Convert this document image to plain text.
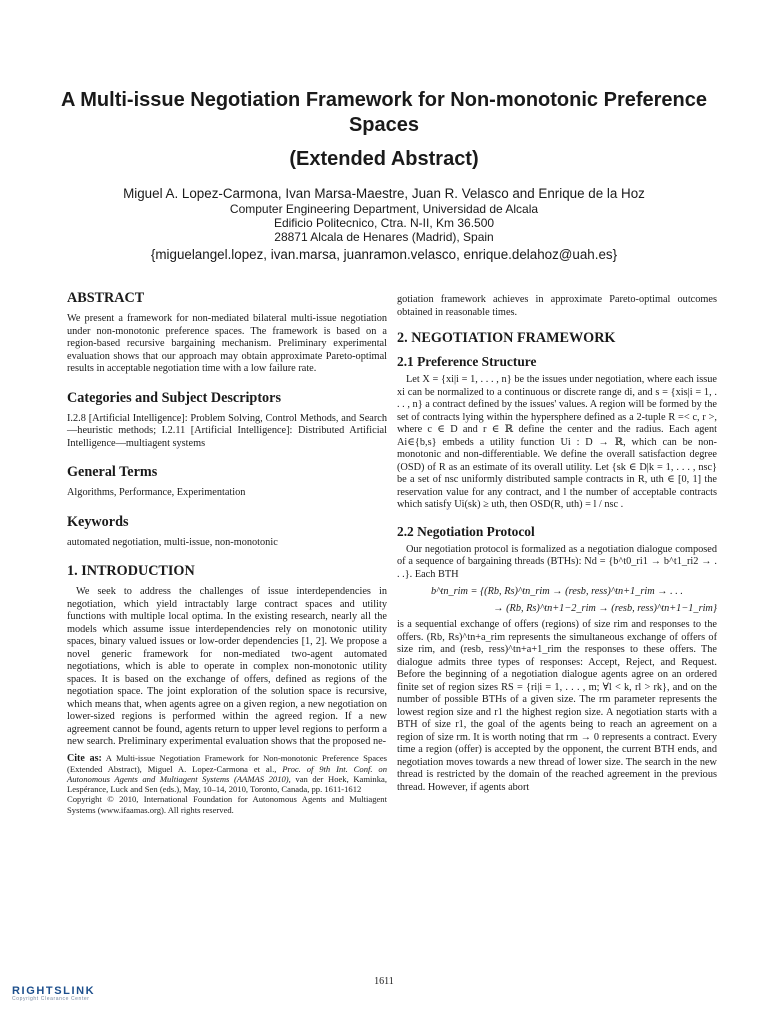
A Multi-issue Negotiation Framework for Non-monotonic Preference Spaces
(Extended Abstract)

Miguel A. Lopez-Carmona, Ivan Marsa-Maestre, Juan R. Velasco and Enrique de la Hoz

Computer Engineering Department, Universidad de Alcala

Edificio Politecnico, Ctra. N-II, Km 36.500

28871 Alcala de Henares (Madrid), Spain

{miguelangel.lopez, ivan.marsa, juanramon.velasco, enrique.delahoz@uah.es}

ABSTRACT

We present a framework for non-mediated bilateral multi-issue negotiation under non-monotonic preference spaces. The framework is based on a region-based recursive bargaining mechanism. Preliminary experimental evaluation shows that our approach may obtain approximate Pareto-optimal results in acceptable negotiation time with a low failure rate.

Categories and Subject Descriptors

I.2.8 [Artificial Intelligence]: Problem Solving, Control Methods, and Search—heuristic methods; I.2.11 [Artificial Intelligence]: Distributed Artificial Intelligence—multiagent systems

General Terms

Algorithms, Performance, Experimentation

Keywords

automated negotiation, multi-issue, non-monotonic

1. INTRODUCTION

We seek to address the challenges of issue interdependencies in negotiation, which yield intractably large contract spaces and utility functions with multiple local optima. In the existing research, nearly all the models which assume issue interdependencies rely on monotonic utility spaces, binary valued issues or low-order dependencies [1, 2]. We propose a novel generic framework for non-mediated two-agent automated negotiations, which is able to operate in complex non-monotonic utility spaces. It is based on the exchange of offers, defined as regions of the negotiation space. The joint exploration of the solution space is recursive, which means that, when agents agree on a given region, a new negotiation on lower-sized regions is performed within the agreed region. If a new agreement cannot be found, agents return to upper level regions to perform a new search. Preliminary experimental evaluation shows that the proposed ne-

Cite as: A Multi-issue Negotiation Framework for Non-monotonic Preference Spaces (Extended Abstract), Miguel A. Lopez-Carmona et al., Proc. of 9th Int. Conf. on Autonomous Agents and Multiagent Systems (AAMAS 2010), van der Hoek, Kaminka, Lespérance, Luck and Sen (eds.), May, 10–14, 2010, Toronto, Canada, pp. 1611-1612
Copyright © 2010, International Foundation for Autonomous Agents and Multiagent Systems (www.ifaamas.org). All rights reserved.

gotiation framework achieves in approximate Pareto-optimal outcomes obtained in reasonable times.

2. NEGOTIATION FRAMEWORK
2.1 Preference Structure

Let X = {xi|i = 1, . . . , n} be the issues under negotiation, where each issue xi can be normalized to a continuous or discrete range di, and s = {xis|i = 1, . . . , n} a contract defined by the issues' values. A region will be formed by the set of contracts lying within the hypersphere defined as a 2-tuple R =< c, r >, where c ∈ D and r ∈ ℝ define the center and the radius. Each agent Ai∈{b,s} embeds a utility function Ui : D → ℝ, which can be non-monotonic and non-differentiable. We define the overall satisfaction degree (OSD) of R as an estimate of its overall utility. Let {sk ∈ D|k = 1, . . . , nsc} be a set of nsc uniformly distributed sample contracts in R, uth ∈ [0, 1] the reservation value for any contract, and l the number of acceptable contracts which satisfy Ui(sk) ≥ uth, then OSD(R, uth) = l / nsc .

2.2 Negotiation Protocol

Our negotiation protocol is formalized as a negotiation dialogue composed of a sequence of bargaining threads (BTHs): Nd = {b^t0_ri1 → b^t1_ri2 → . . .}. Each BTH

b^tn_rim = {(Rb, Rs)^tn_rim → (resb, ress)^tn+1_rim → . . .
→ (Rb, Rs)^tn+1−2_rim → (resb, ress)^tn+1−1_rim}

is a sequential exchange of offers (regions) of size rim and responses to the offers. (Rb, Rs)^tn+a_rim represents the simultaneous exchange of offers of size rim, and (resb, ress)^tn+a+1_rim the responses to these offers. The dialogue admits three types of responses: Accept, Reject, and Request. Before the beginning of a negotiation dialogue agents agree on an ordered finite set of region sizes RS = {ri|i = 1, . . . , m; ∀l < k, rl > rk}, and on the number of possible BTHs of a given size. The rm parameter represents the lowest region size and r1 the highest region size. A negotiation starts with a BTH of size r1, the goal of the agents being to reach an agreement on a region of size rm. It is worth noting that rm → 0 represents a contract. Every time a region (offer) is accepted by the opponent, the current BTH ends, and negotiation moves towards a new thread of lower size. The search in the new thread is restricted by the domain of the reached agreement in the previous thread. However, if agents abort

1611
RIGHTSLINK
Copyright Clearance Center
